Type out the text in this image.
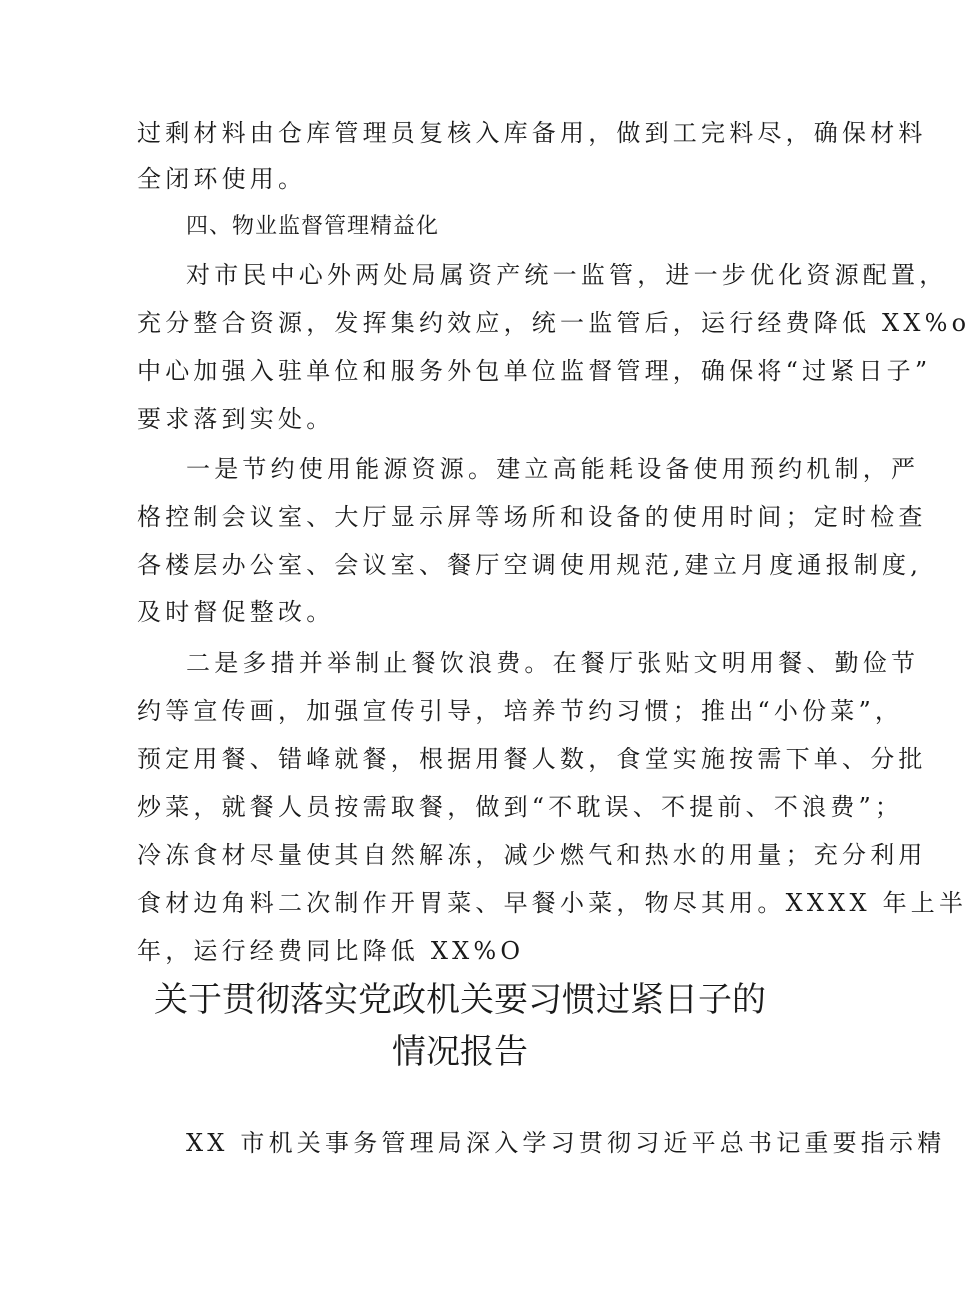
过剩材料由仓库管理员复核入库备用，做到工完料尽，确保材料
全闭环使用。
四、物业监督管理精益化
对市民中心外两处局属资产统一监管，进一步优化资源配置，
充分整合资源，发挥集约效应，统一监管后，运行经费降低 XX%o
中心加强入驻单位和服务外包单位监督管理，确保将“过紧日子”
要求落到实处。
一是节约使用能源资源。建立高能耗设备使用预约机制，严
格控制会议室、大厅显示屏等场所和设备的使用时间；定时检查
各楼层办公室、会议室、餐厅空调使用规范,建立月度通报制度,
及时督促整改。
二是多措并举制止餐饮浪费。在餐厅张贴文明用餐、勤俭节
约等宣传画，加强宣传引导，培养节约习惯；推出“小份菜”，
预定用餐、错峰就餐，根据用餐人数，食堂实施按需下单、分批
炒菜，就餐人员按需取餐，做到“不耽误、不提前、不浪费”；
冷冻食材尽量使其自然解冻，减少燃气和热水的用量；充分利用
食材边角料二次制作开胃菜、早餐小菜，物尽其用。XXXX 年上半
年，运行经费同比降低 XX%O
关于贯彻落实党政机关要习惯过紧日子的
情况报告
XX 市机关事务管理局深入学习贯彻习近平总书记重要指示精
